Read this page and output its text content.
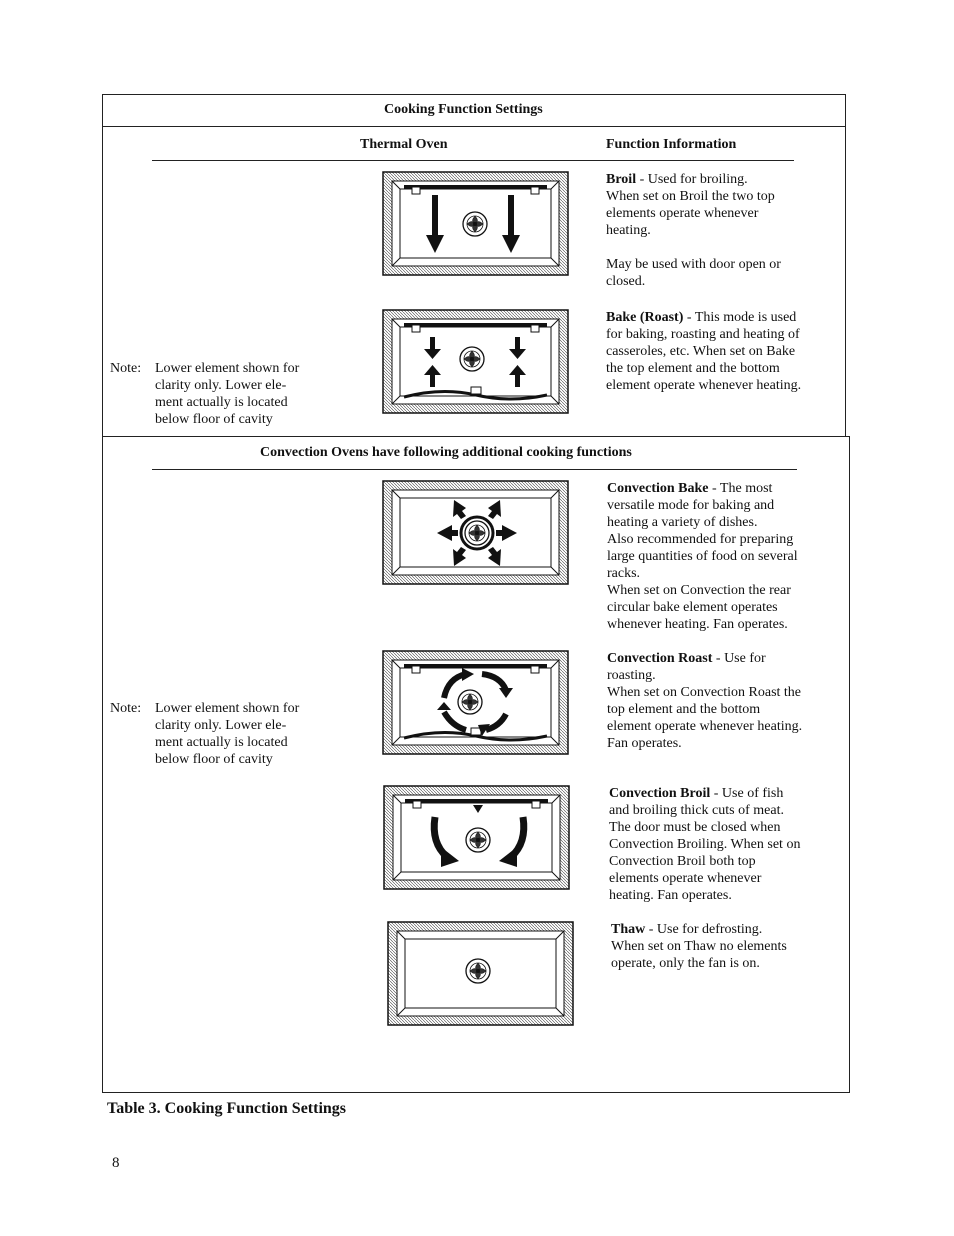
Cooking Function Settings
Thermal Oven	Function Information
Broil - Used for broiling.
When set on Broil the two top
elements operate whenever
heating.
May be used with door open or
closed.
Bake (Roast) - This mode is used
for baking, roasting and heating of
casseroles, etc. When set on Bake
the top element and the bottom
element operate whenever heating.
Note: Lower element shown for
clarity only. Lower ele-
ment actually is located
below floor of cavity
Convection Ovens have following additional cooking functions
Convection Bake - The most
versatile mode for baking and
heating a variety of dishes.
Also recommended for preparing
large quantities of food on several
racks.
When set on Convection the rear
circular bake element operates
whenever heating. Fan operates.
Convection Roast - Use for
roasting.
When set on Convection Roast the
top element and the bottom
element operate whenever heating.
Fan operates.
Note: Lower element shown for
clarity only. Lower ele-
ment actually is located
below floor of cavity
Convection Broil - Use of fish
and broiling thick cuts of meat.
The door must be closed when
Convection Broiling. When set on
Convection Broil both top
elements operate whenever
heating. Fan operates.
Thaw - Use for defrosting.
When set on Thaw no elements
operate, only the fan is on.
Table 3. Cooking Function Settings
8
